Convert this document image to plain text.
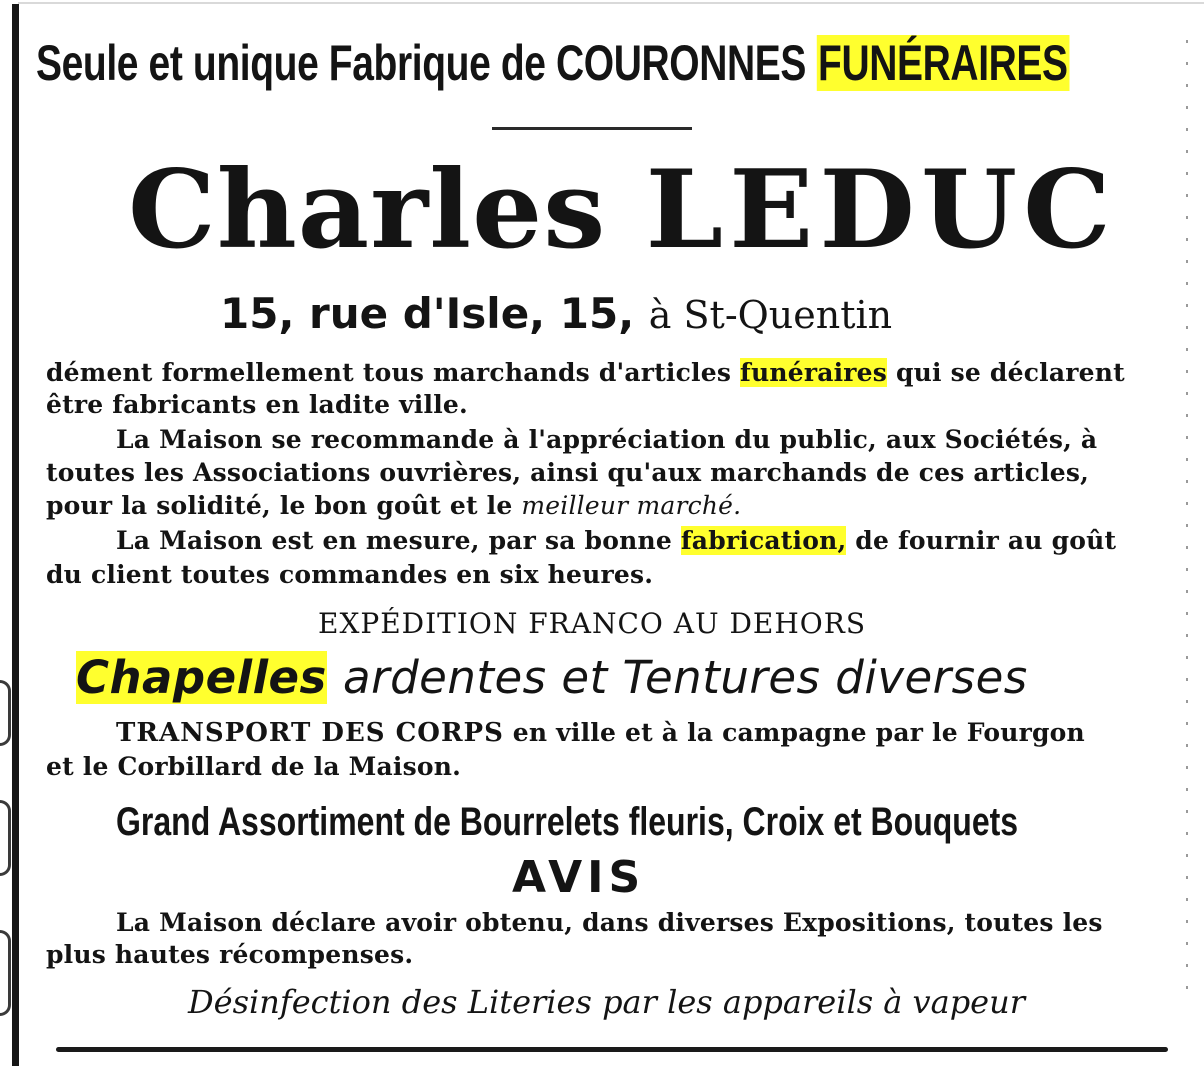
Seule et unique Fabrique de COURONNES FUNÉRAIRES
Charles LEDUC
15, rue d'Isle, 15, à St-Quentin
dément formellement tous marchands d'articles funéraires qui se déclarent
être fabricants en ladite ville.
La Maison se recommande à l'appréciation du public, aux Sociétés, à
toutes les Associations ouvrières, ainsi qu'aux marchands de ces articles,
pour la solidité, le bon goût et le meilleur marché.
La Maison est en mesure, par sa bonne fabrication, de fournir au goût
du client toutes commandes en six heures.
EXPÉDITION FRANCO AU DEHORS
Chapelles ardentes et Tentures diverses
TRANSPORT DES CORPS en ville et à la campagne par le Fourgon
et le Corbillard de la Maison.
Grand Assortiment de Bourrelets fleuris, Croix et Bouquets
AVIS
La Maison déclare avoir obtenu, dans diverses Expositions, toutes les
plus hautes récompenses.
Désinfection des Literies par les appareils à vapeur
